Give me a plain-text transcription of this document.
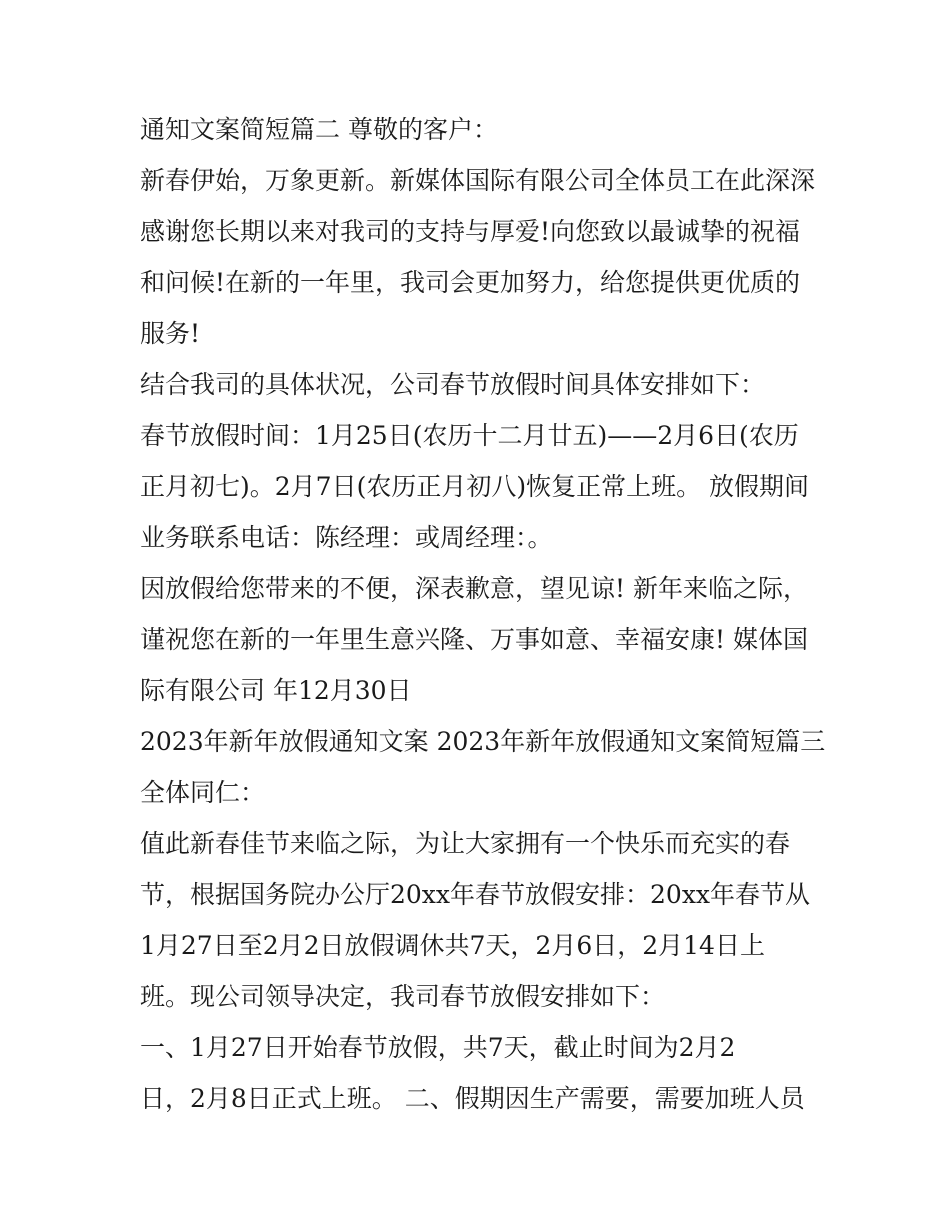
通知文案简短篇二 尊敬的客户：
新春伊始，万象更新。新媒体国际有限公司全体员工在此深深
感谢您长期以来对我司的支持与厚爱!向您致以最诚挚的祝福
和问候!在新的一年里，我司会更加努力，给您提供更优质的
服务!
结合我司的具体状况，公司春节放假时间具体安排如下：
春节放假时间：1月25日(农历十二月廿五)——2月6日(农历
正月初七)。2月7日(农历正月初八)恢复正常上班。 放假期间
业务联系电话：陈经理：或周经理：。
因放假给您带来的不便，深表歉意，望见谅! 新年来临之际，
谨祝您在新的一年里生意兴隆、万事如意、幸福安康! 媒体国
际有限公司 年12月30日
2023年新年放假通知文案 2023年新年放假通知文案简短篇三
全体同仁：
值此新春佳节来临之际，为让大家拥有一个快乐而充实的春
节，根据国务院办公厅20xx年春节放假安排：20xx年春节从
1月27日至2月2日放假调休共7天，2月6日，2月14日上
班。现公司领导决定，我司春节放假安排如下：
一、1月27日开始春节放假，共7天，截止时间为2月2
日，2月8日正式上班。 二、假期因生产需要，需要加班人员
